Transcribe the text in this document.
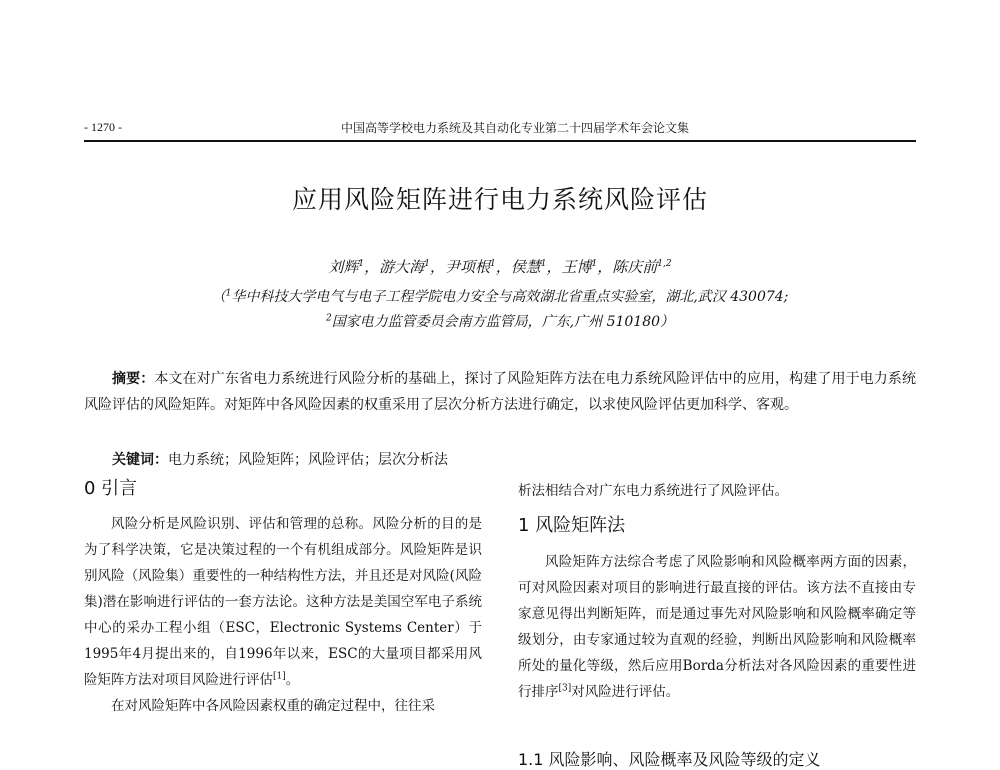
- 1270 -	中国高等学校电力系统及其自动化专业第二十四届学术年会论文集
应用风险矩阵进行电力系统风险评估
刘辉$^1$，游大海$^1$，尹项根$^1$，侯慧$^1$，王博$^1$，陈庆前$^{1,2}$
（$^1$华中科技大学电气与电子工程学院电力安全与高效湖北省重点实验室，湖北,武汉 430074;
$^2$国家电力监管委员会南方监管局，广东,广州 510180）
摘要：本文在对广东省电力系统进行风险分析的基础上，探讨了风险矩阵方法在电力系统风险评估中的应用，构建了用于电力系统风险评估的风险矩阵。对矩阵中各风险因素的权重采用了层次分析方法进行确定，以求使风险评估更加科学、客观。
关键词：电力系统；风险矩阵；风险评估；层次分析法
0 引言

风险分析是风险识别、评估和管理的总称。风险分析的目的是为了科学决策，它是决策过程的一个有机组成部分。风险矩阵是识别风险（风险集）重要性的一种结构性方法，并且还是对风险(风险集)潜在影响进行评估的一套方法论。这种方法是美国空军电子系统中心的采办工程小组（ESC，Electronic Systems Center）于1995年4月提出来的，自1996年以来，ESC的大量项目都采用风险矩阵方法对项目风险进行评估[1]。

在对风险矩阵中各风险因素权重的确定过程中，往往采

析法相结合对广东电力系统进行了风险评估。
1 风险矩阵法

风险矩阵方法综合考虑了风险影响和风险概率两方面的因素，可对风险因素对项目的影响进行最直接的评估。该方法不直接由专家意见得出判断矩阵，而是通过事先对风险影响和风险概率确定等级划分，由专家通过较为直观的经验，判断出风险影响和风险概率所处的量化等级，然后应用Borda分析法对各风险因素的重要性进行排序[3]对风险进行评估。

1.1 风险影响、风险概率及风险等级的定义
